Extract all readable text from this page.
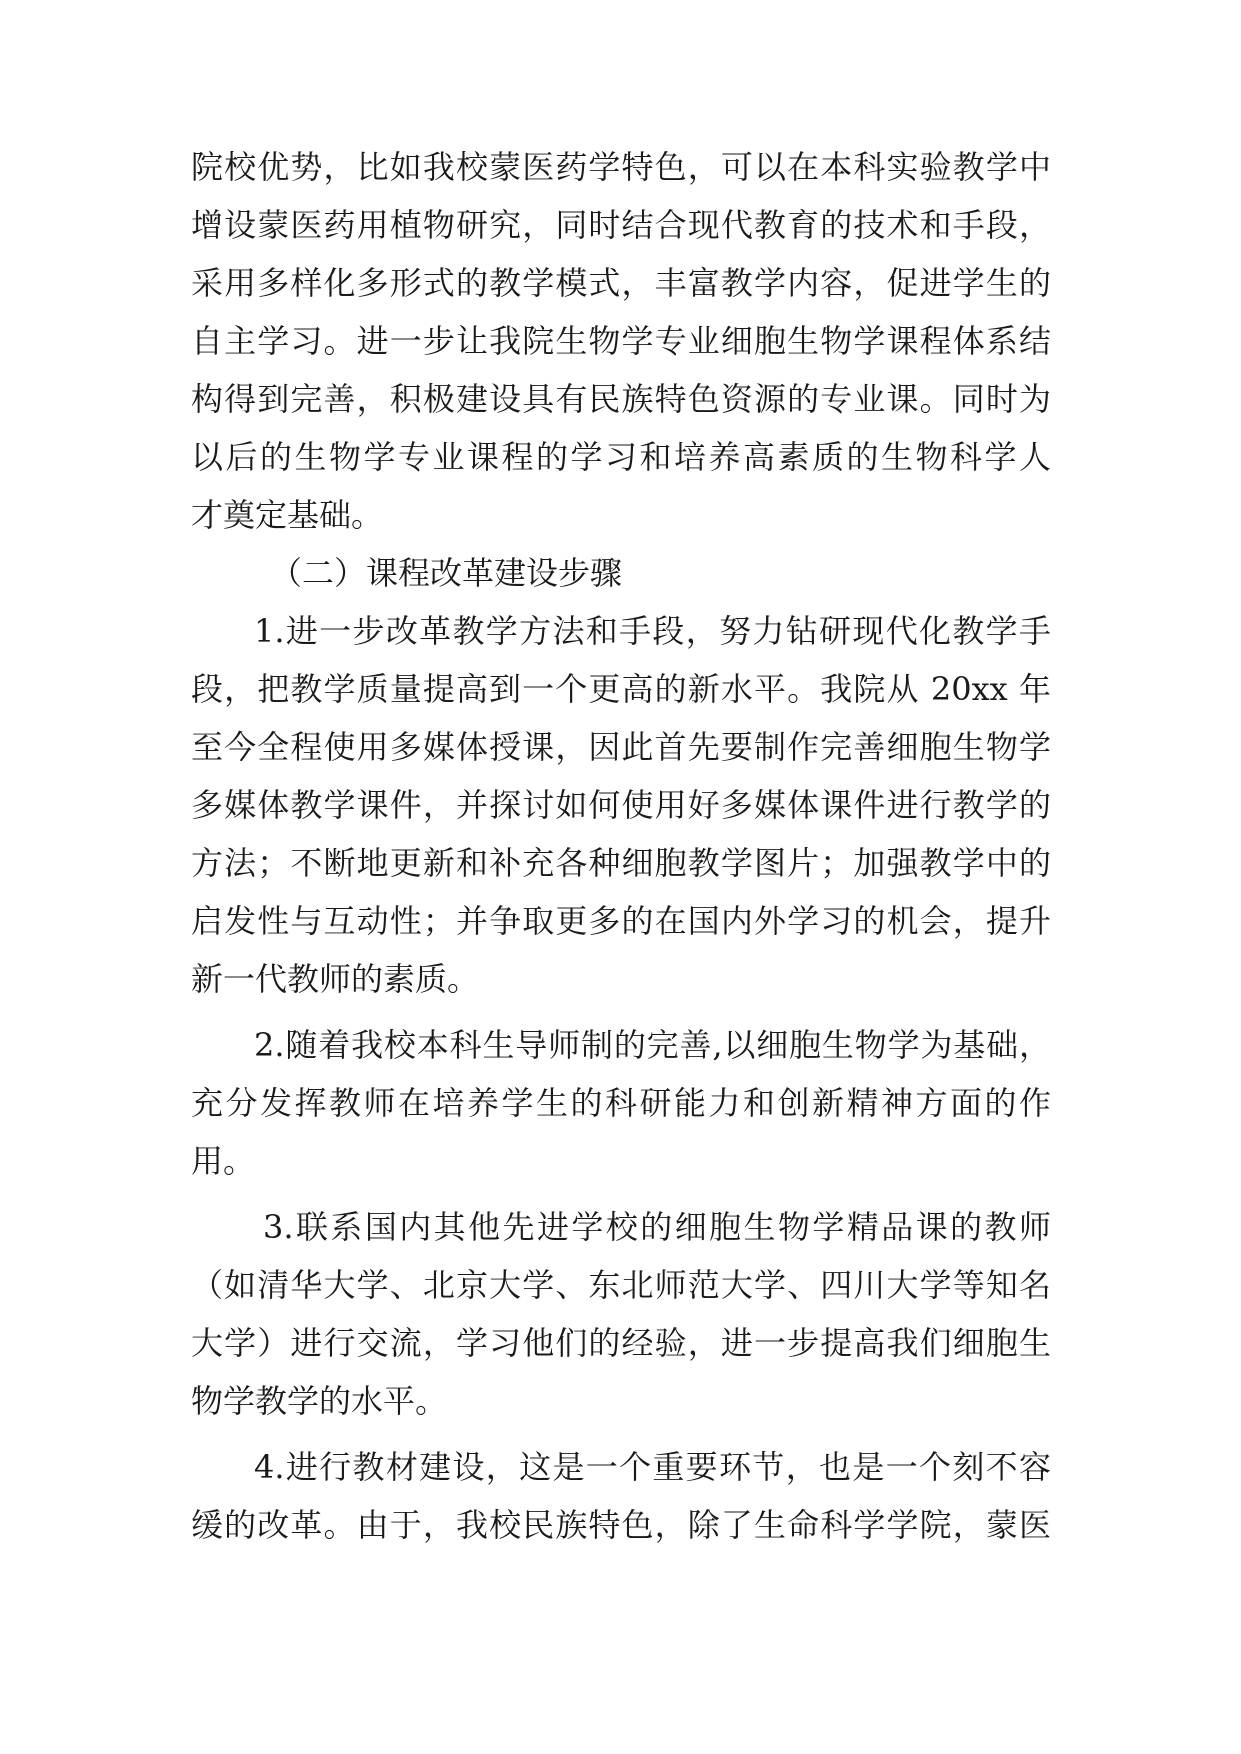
院校优势，比如我校蒙医药学特色，可以在本科实验教学中
增设蒙医药用植物研究，同时结合现代教育的技术和手段，
采用多样化多形式的教学模式，丰富教学内容，促进学生的
自主学习。进一步让我院生物学专业细胞生物学课程体系结
构得到完善，积极建设具有民族特色资源的专业课。同时为
以后的生物学专业课程的学习和培养高素质的生物科学人
才奠定基础。
（二）课程改革建设步骤
1.进一步改革教学方法和手段，努力钻研现代化教学手
段，把教学质量提高到一个更高的新水平。我院从 20xx 年
至今全程使用多媒体授课，因此首先要制作完善细胞生物学
多媒体教学课件，并探讨如何使用好多媒体课件进行教学的
方法；不断地更新和补充各种细胞教学图片；加强教学中的
启发性与互动性；并争取更多的在国内外学习的机会，提升
新一代教师的素质。
2.随着我校本科生导师制的完善,以细胞生物学为基础，
充分发挥教师在培养学生的科研能力和创新精神方面的作
用。
3.联系国内其他先进学校的细胞生物学精品课的教师
（如清华大学、北京大学、东北师范大学、四川大学等知名
大学）进行交流，学习他们的经验，进一步提高我们细胞生
物学教学的水平。
4.进行教材建设，这是一个重要环节，也是一个刻不容
缓的改革。由于，我校民族特色，除了生命科学学院，蒙医
